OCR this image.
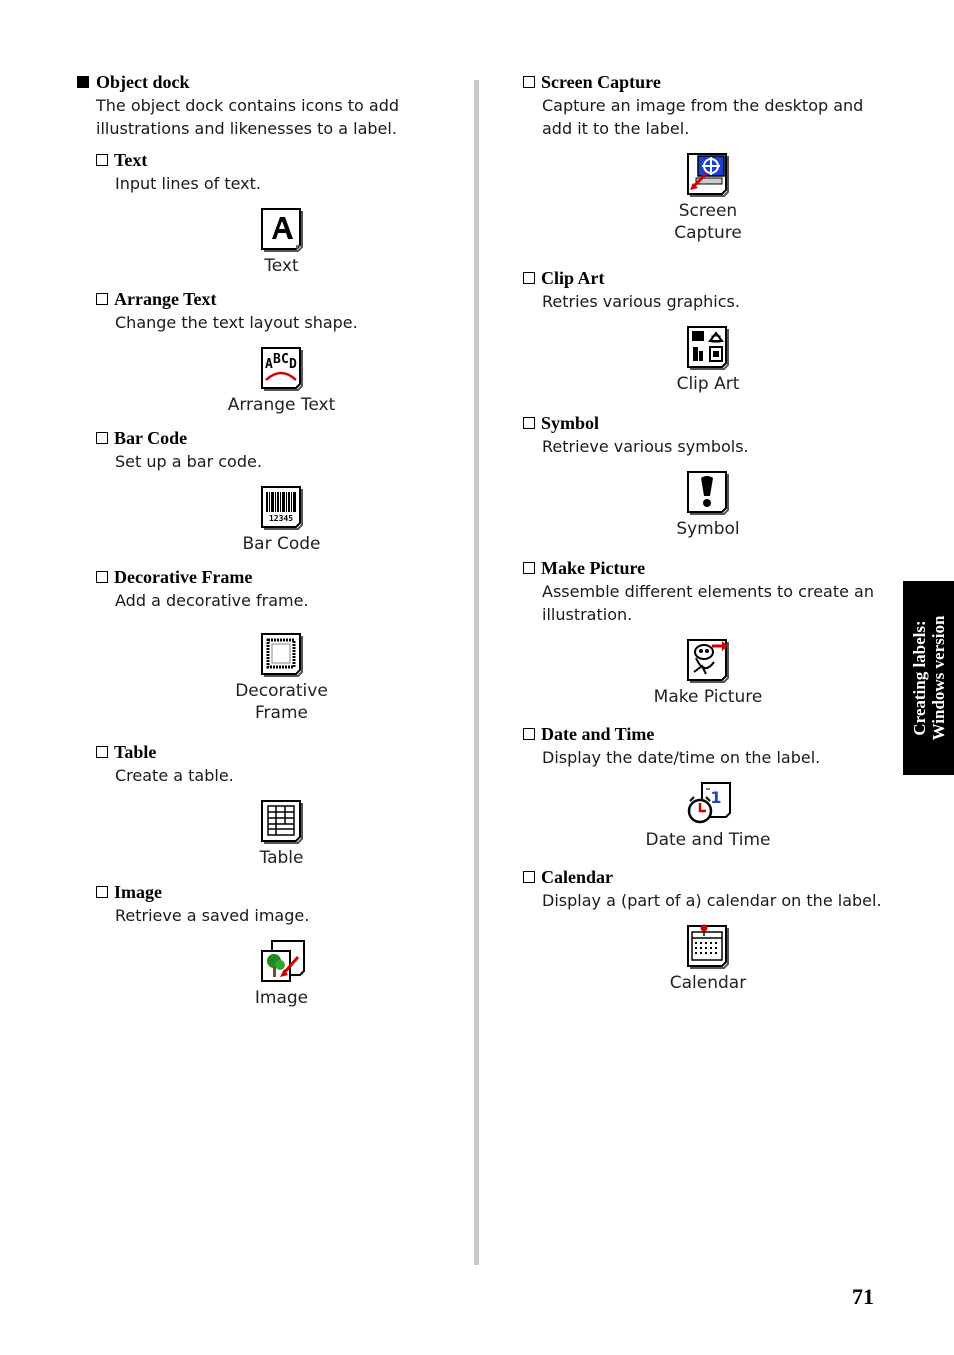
Object dock
The object dock contains icons to add illustrations and likenesses to a label.
Text
Input lines of text.
Text
Arrange Text
Change the text layout shape.
A B C D
Arrange Text
Bar Code
Set up a bar code.
12345
Bar Code
Decorative Frame
Add a decorative frame.
Decorative
Frame
Table
Create a table.
Table
Image
Retrieve a saved image.
Image
Screen Capture
Capture an image from the desktop and add it to the label.
Screen
Capture
Clip Art
Retries various graphics.
Clip Art
Symbol
Retrieve various symbols.
Symbol
Make Picture
Assemble different elements to create an illustration.
Make Picture
Date and Time
Display the date/time on the label.
1
Date and Time
Calendar
Display a (part of a) calendar on the label.
Calendar
Creating labels: Windows version
71
